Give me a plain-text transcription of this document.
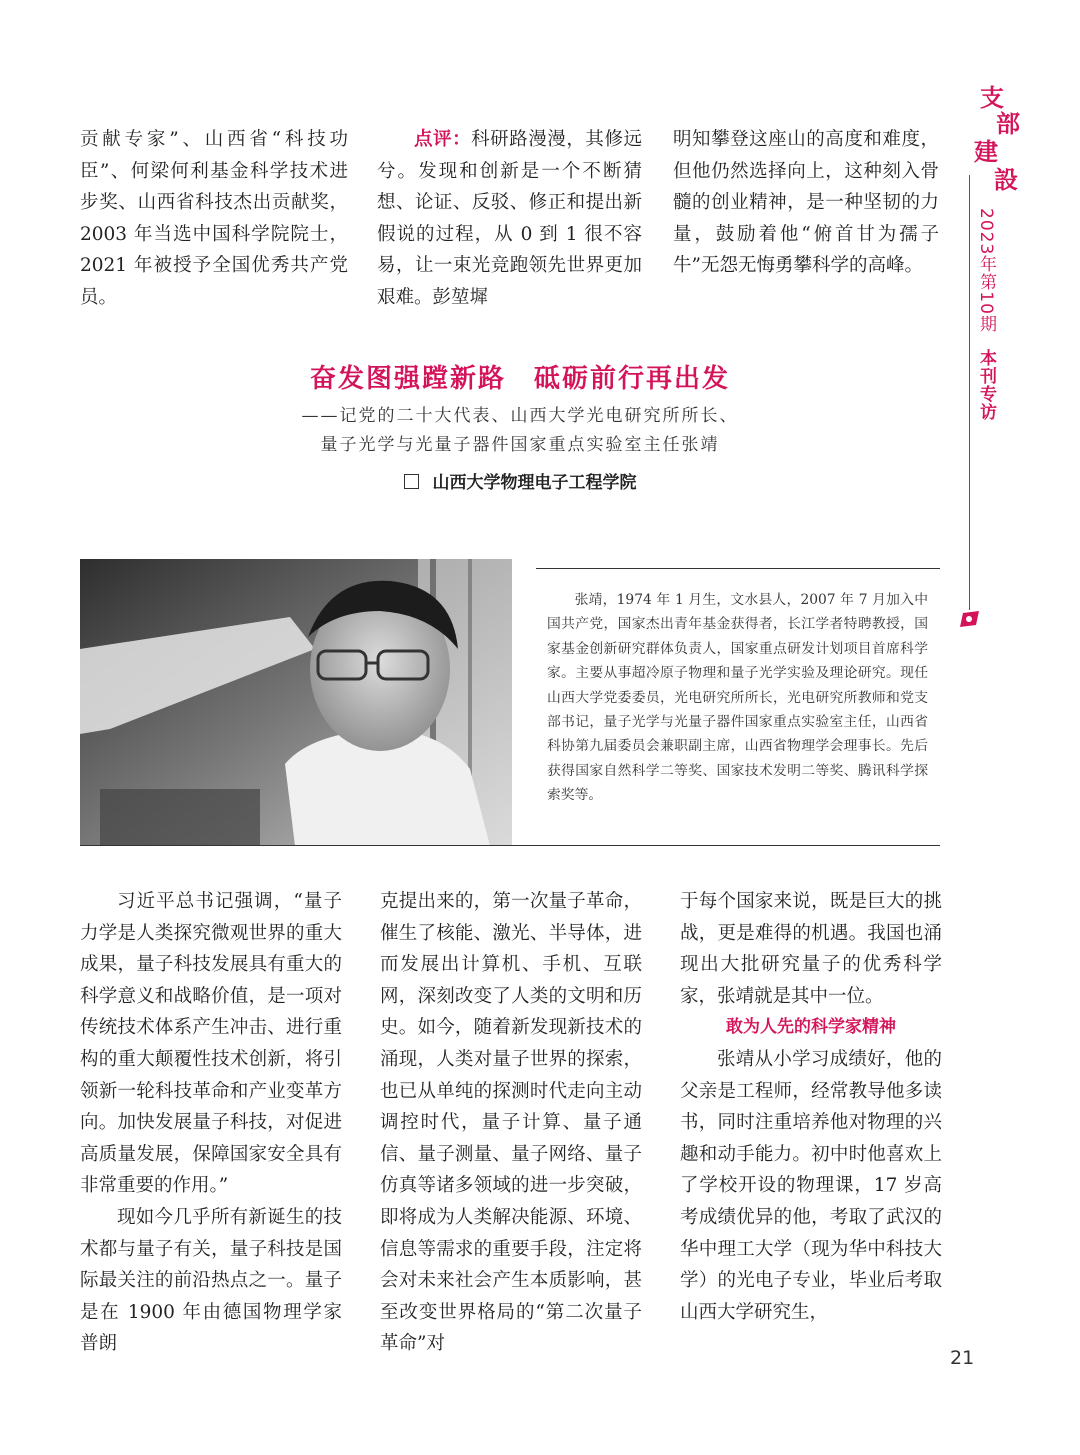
贡献专家”、山西省“科技功臣”、何梁何利基金科学技术进步奖、山西省科技杰出贡献奖，2003 年当选中国科学院院士，2021 年被授予全国优秀共产党员。

点评：科研路漫漫，其修远兮。发现和创新是一个不断猜想、论证、反驳、修正和提出新假说的过程，从 0 到 1 很不容易，让一束光竞跑领先世界更加艰难。彭堃墀

明知攀登这座山的高度和难度，但他仍然选择向上，这种刻入骨髓的创业精神，是一种坚韧的力量，鼓励着他“俯首甘为孺子牛”无怨无悔勇攀科学的高峰。

奋发图强蹚新路　砥砺前行再出发
——记党的二十大代表、山西大学光电研究所所长、
量子光学与光量子器件国家重点实验室主任张靖
山西大学物理电子工程学院
张靖，1974 年 1 月生，文水县人，2007 年 7 月加入中国共产党，国家杰出青年基金获得者，长江学者特聘教授，国家基金创新研究群体负责人，国家重点研发计划项目首席科学家。主要从事超冷原子物理和量子光学实验及理论研究。现任山西大学党委委员，光电研究所所长，光电研究所教师和党支部书记，量子光学与光量子器件国家重点实验室主任，山西省科协第九届委员会兼职副主席，山西省物理学会理事长。先后获得国家自然科学二等奖、国家技术发明二等奖、腾讯科学探索奖等。

习近平总书记强调，“量子力学是人类探究微观世界的重大成果，量子科技发展具有重大的科学意义和战略价值，是一项对传统技术体系产生冲击、进行重构的重大颠覆性技术创新，将引领新一轮科技革命和产业变革方向。加快发展量子科技，对促进高质量发展，保障国家安全具有非常重要的作用。”

现如今几乎所有新诞生的技术都与量子有关，量子科技是国际最关注的前沿热点之一。量子是在 1900 年由德国物理学家普朗

克提出来的，第一次量子革命，催生了核能、激光、半导体，进而发展出计算机、手机、互联网，深刻改变了人类的文明和历史。如今，随着新发现新技术的涌现，人类对量子世界的探索，也已从单纯的探测时代走向主动调控时代，量子计算、量子通信、量子测量、量子网络、量子仿真等诸多领域的进一步突破，即将成为人类解决能源、环境、信息等需求的重要手段，注定将会对未来社会产生本质影响，甚至改变世界格局的“第二次量子革命”对

于每个国家来说，既是巨大的挑战，更是难得的机遇。我国也涌现出大批研究量子的优秀科学家，张靖就是其中一位。

敢为人先的科学家精神

张靖从小学习成绩好，他的父亲是工程师，经常教导他多读书，同时注重培养他对物理的兴趣和动手能力。初中时他喜欢上了学校开设的物理课，17 岁高考成绩优异的他，考取了武汉的华中理工大学（现为华中科技大学）的光电子专业，毕业后考取山西大学研究生，

支部建設
2023年第10期本刊专访
21
